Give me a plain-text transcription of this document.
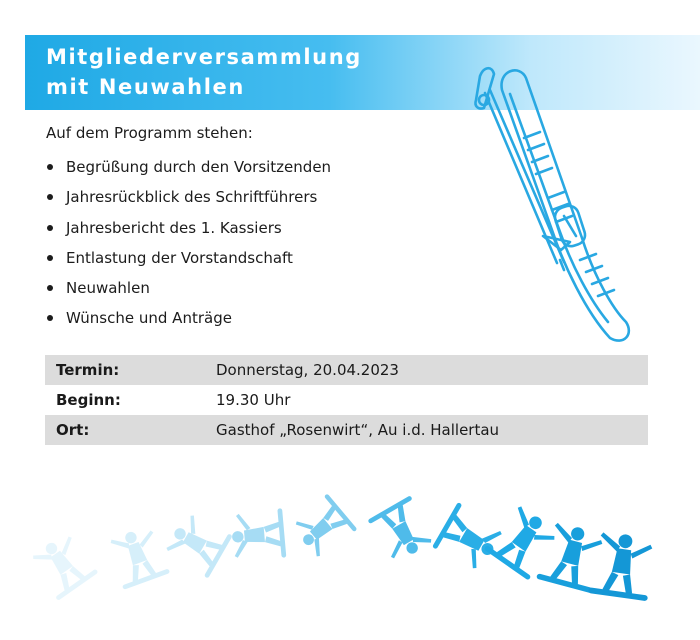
Mitgliederversammlung
mit Neuwahlen
Auf dem Programm stehen:
Begrüßung durch den Vorsitzenden
Jahresrückblick des Schriftführers
Jahresbericht des 1. Kassiers
Entlastung der Vorstandschaft
Neuwahlen
Wünsche und Anträge
Termin:	Donnerstag, 20.04.2023
Beginn:	19.30 Uhr
Ort:	Gasthof „Rosenwirt“, Au i.d. Hallertau
